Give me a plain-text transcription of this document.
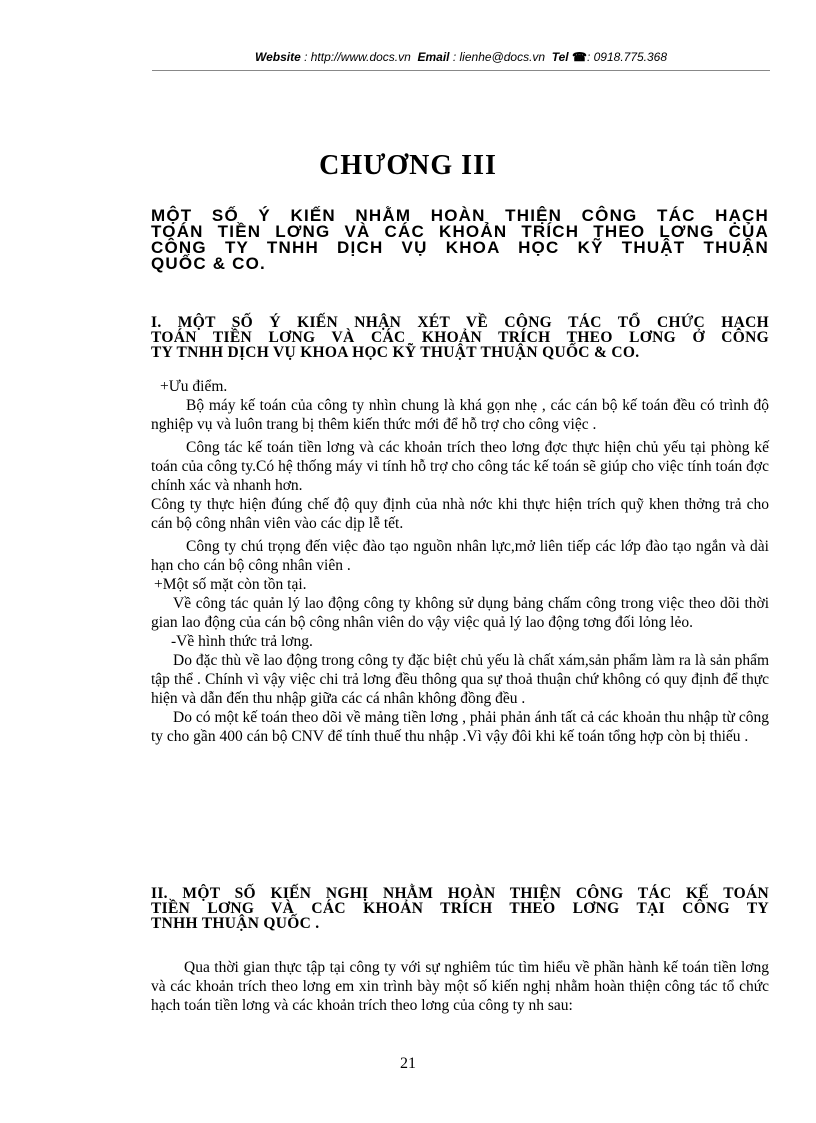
Website : http://www.docs.vn Email : lienhe@docs.vn Tel ☎: 0918.775.368
CHƯƠNG III
MỘT SỐ Ý KIẾN NHẰM HOÀN THIỆN CÔNG TÁC HẠCH
TOÁN TIỀN LƠNG VÀ CÁC KHOẢN TRÍCH THEO LƠNG CỦA
CÔNG TY TNHH DỊCH VỤ KHOA HỌC KỸ THUẬT THUẬN
QUỐC & CO.
I. MỘT SỐ Ý KIẾN NHẬN XÉT VỀ CÔNG TÁC TỔ CHỨC HẠCH
TOÁN TIỀN LƠNG VÀ CÁC KHOẢN TRÍCH THEO LƠNG Ở CÔNG
TY TNHH DỊCH VỤ KHOA HỌC KỸ THUẬT THUẬN QUỐC & CO.

+Ưu điểm.

Bộ máy kế toán của công ty nhìn chung là khá gọn nhẹ , các cán bộ kế toán đều có trình độ nghiệp vụ và luôn trang bị thêm kiến thức mới để hỗ trợ cho công việc .

Công tác kế toán tiền lơng và các khoản trích theo lơng đợc thực hiện chủ yếu tại phòng kế toán của công ty.Có hệ thống máy vi tính hỗ trợ cho công tác kế toán sẽ giúp cho việc tính toán đợc chính xác và nhanh hơn.

Công ty thực hiện đúng chế độ quy định của nhà nớc khi thực hiện trích quỹ khen thởng trả cho cán bộ công nhân viên vào các dịp lễ tết.

Công ty chú trọng đến việc đào tạo nguồn nhân lực,mở liên tiếp các lớp đào tạo ngắn và dài hạn cho cán bộ công nhân viên .

+Một số mặt còn tồn tại.

Về công tác quản lý lao động công ty không sử dụng bảng chấm công trong việc theo dõi thời gian lao động của cán bộ công nhân viên do vậy việc quả lý lao động tơng đối lỏng lẻo.

-Về hình thức trả lơng.

Do đặc thù về lao động trong công ty đặc biệt chủ yếu là chất xám,sản phẩm làm ra là sản phẩm tập thể . Chính vì vậy việc chi trả lơng đều thông qua sự thoả thuận chứ không có quy định để thực hiện và dẫn đến thu nhập giữa các cá nhân không đồng đều .

Do có một kế toán theo dõi về mảng tiền lơng , phải phản ánh tất cả các khoản thu nhập từ công ty cho gần 400 cán bộ CNV để tính thuế thu nhập .Vì vậy đôi khi kế toán tổng hợp còn bị thiếu .

II. MỘT SỐ KIẾN NGHỊ NHẰM HOÀN THIỆN CÔNG TÁC KẾ TOÁN
TIỀN LƠNG VÀ CÁC KHOẢN TRÍCH THEO LƠNG TẠI CÔNG TY
TNHH THUẬN QUỐC .

Qua thời gian thực tập tại công ty với sự nghiêm túc tìm hiểu về phần hành kế toán tiền lơng và các khoản trích theo lơng em xin trình bày một số kiến nghị nhằm hoàn thiện công tác tổ chức hạch toán tiền lơng và các khoản trích theo lơng của công ty nh sau:

21
